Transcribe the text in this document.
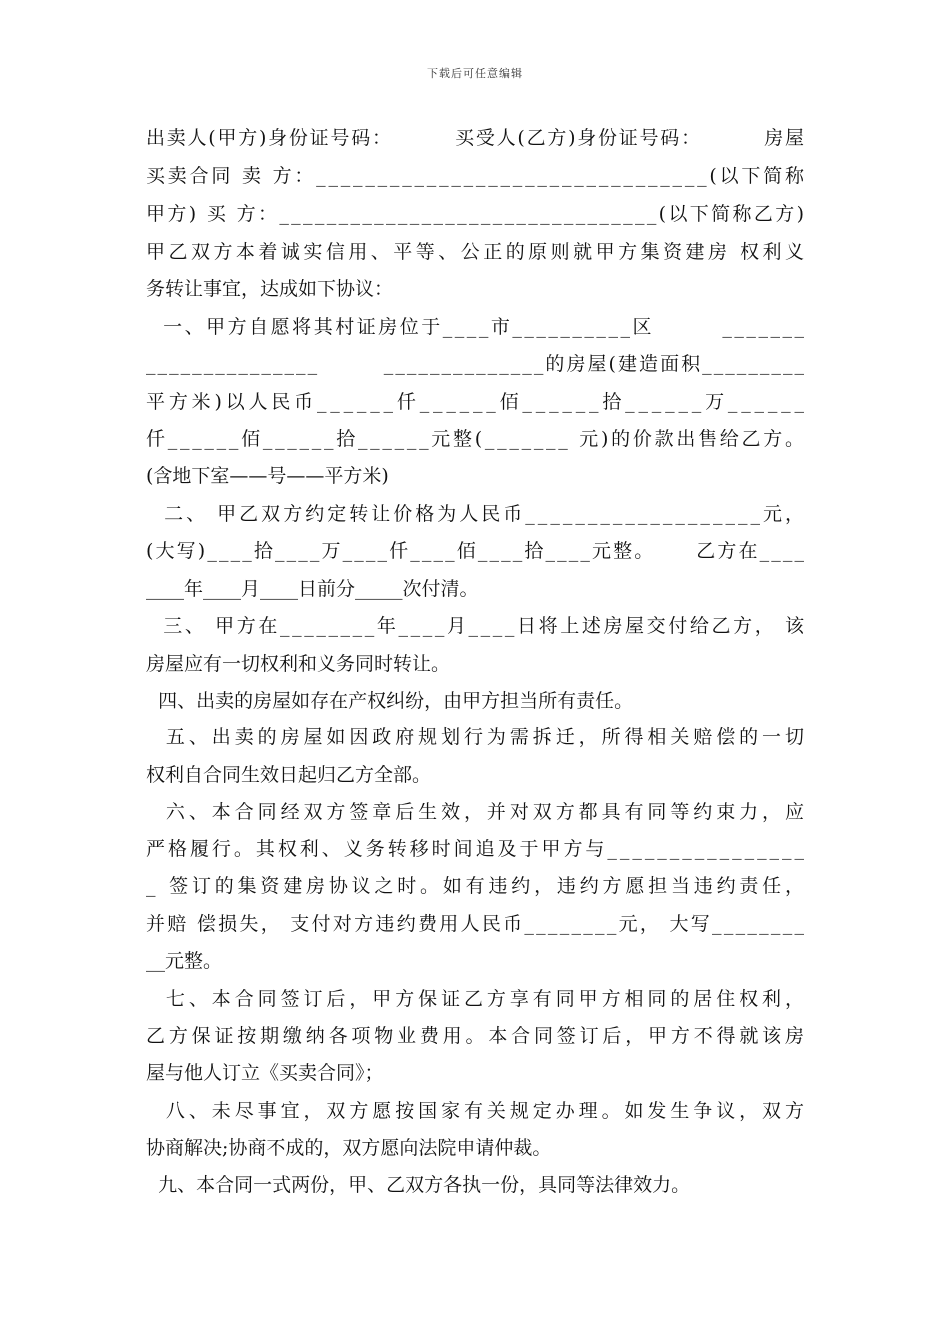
下载后可任意编辑
出卖人(甲方)身份证号码：        买受人(乙方)身份证号码：        房屋
买卖合同 卖 方：________________________________(以下简称
甲方) 买 方：________________________________(以下简称乙方)
甲乙双方本着诚实信用、平等、公正的原则就甲方集资建房 权利义
务转让事宜，达成如下协议：
一、甲方自愿将其村证房位于____市__________区        _______
_______________        ______________的房屋(建造面积_________
平方米)以人民币______仟______佰______拾______万______
仟______佰______拾______元整(_______ 元)的价款出售给乙方。
(含地下室——号——平方米)
二、 甲乙双方约定转让价格为人民币___________________元，
(大写)____拾____万____仟____佰____拾____元整。     乙方在____
____年____月____日前分_____次付清。
三、 甲方在________年____月____日将上述房屋交付给乙方， 该
房屋应有一切权利和义务同时转让。
四、出卖的房屋如存在产权纠纷，由甲方担当所有责任。
五、出卖的房屋如因政府规划行为需拆迁，所得相关赔偿的一切
权利自合同生效日起归乙方全部。
六、本合同经双方签章后生效，并对双方都具有同等约束力，应
严格履行。其权利、义务转移时间追及于甲方与________________
_ 签订的集资建房协议之时。如有违约，违约方愿担当违约责任，
并赔 偿损失， 支付对方违约费用人民币________元， 大写________
__元整。
七、本合同签订后，甲方保证乙方享有同甲方相同的居住权利，
乙方保证按期缴纳各项物业费用。本合同签订后，甲方不得就该房
屋与他人订立《买卖合同》；
八、未尽事宜，双方愿按国家有关规定办理。如发生争议，双方
协商解决;协商不成的，双方愿向法院申请仲裁。
九、本合同一式两份，甲、乙双方各执一份，具同等法律效力。
